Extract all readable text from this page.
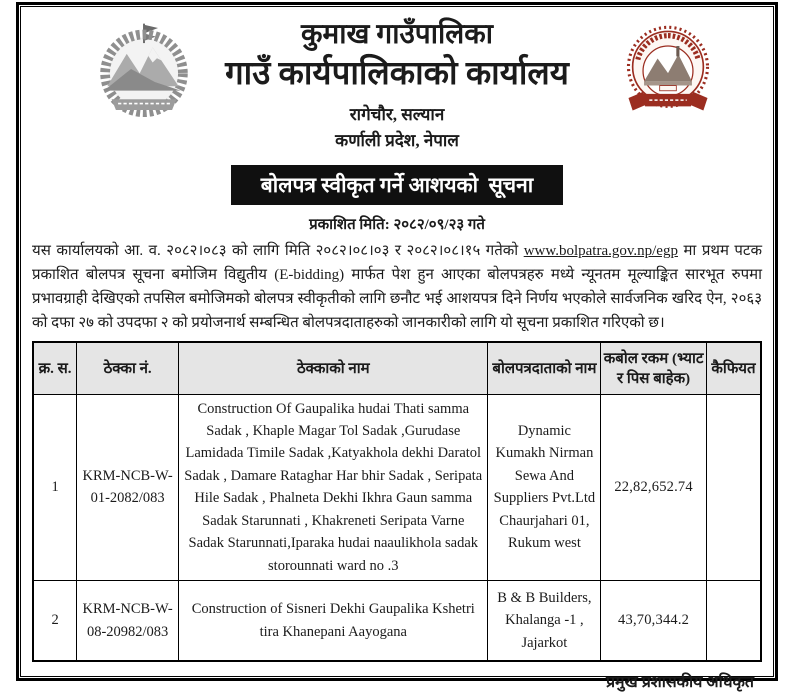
कुमाख गाउँपालिका
गाउँ कार्यपालिकाको कार्यालय
रागेचौर, सल्यान
कर्णाली प्रदेश, नेपाल
बोलपत्र स्वीकृत गर्ने आशयको  सूचना
प्रकाशित मिति: २०८२/०९/२३ गते
यस कार्यालयको आ. व. २०८२।०८३ को लागि मिति २०८२।०८।०३ र २०८२।०८।१५ गतेको www.bolpatra.gov.np/egp मा प्रथम पटक प्रकाशित बोलपत्र सूचना बमोजिम विद्युतीय (E-bidding) मार्फत पेश हुन आएका बोलपत्रहरु मध्ये न्यूनतम मूल्याङ्कित सारभूत रुपमा प्रभावग्राही देखिएको तपसिल बमोजिमको बोलपत्र स्वीकृतीको लागि छनौट भई आशयपत्र दिने निर्णय भएकोले सार्वजनिक खरिद ऐन, २०६३ को दफा २७ को उपदफा २ को प्रयोजनार्थ सम्बन्धित बोलपत्रदाताहरुको जानकारीको लागि यो सूचना प्रकाशित गरिएको छ।
क्र. स.	ठेक्का नं.	ठेक्काको नाम	बोलपत्रदाताको नाम	कबोल रकम (भ्याट र पिस बाहेक)	कैफियत
1	KRM-NCB-W-01-2082/083	Construction Of Gaupalika hudai Thati samma Sadak , Khaple Magar Tol Sadak ,Gurudase Lamidada Timile Sadak ,Katyakhola dekhi Daratol Sadak , Damare Rataghar Har bhir Sadak , Seripata Hile Sadak , Phalneta Dekhi Ikhra Gaun samma Sadak Starunnati , Khakreneti Seripata Varne Sadak Starunnati,Iparaka hudai naaulikhola sadak storounnati ward no .3	Dynamic Kumakh Nirman Sewa And Suppliers Pvt.Ltd Chaurjahari 01, Rukum west	22,82,652.74	
2	KRM-NCB-W-08-20982/083	Construction of Sisneri Dekhi Gaupalika Kshetri tira Khanepani Aayogana	B & B Builders, Khalanga -1 , Jajarkot	43,70,344.2	
प्रमुख प्रशासकीय अधिकृत
